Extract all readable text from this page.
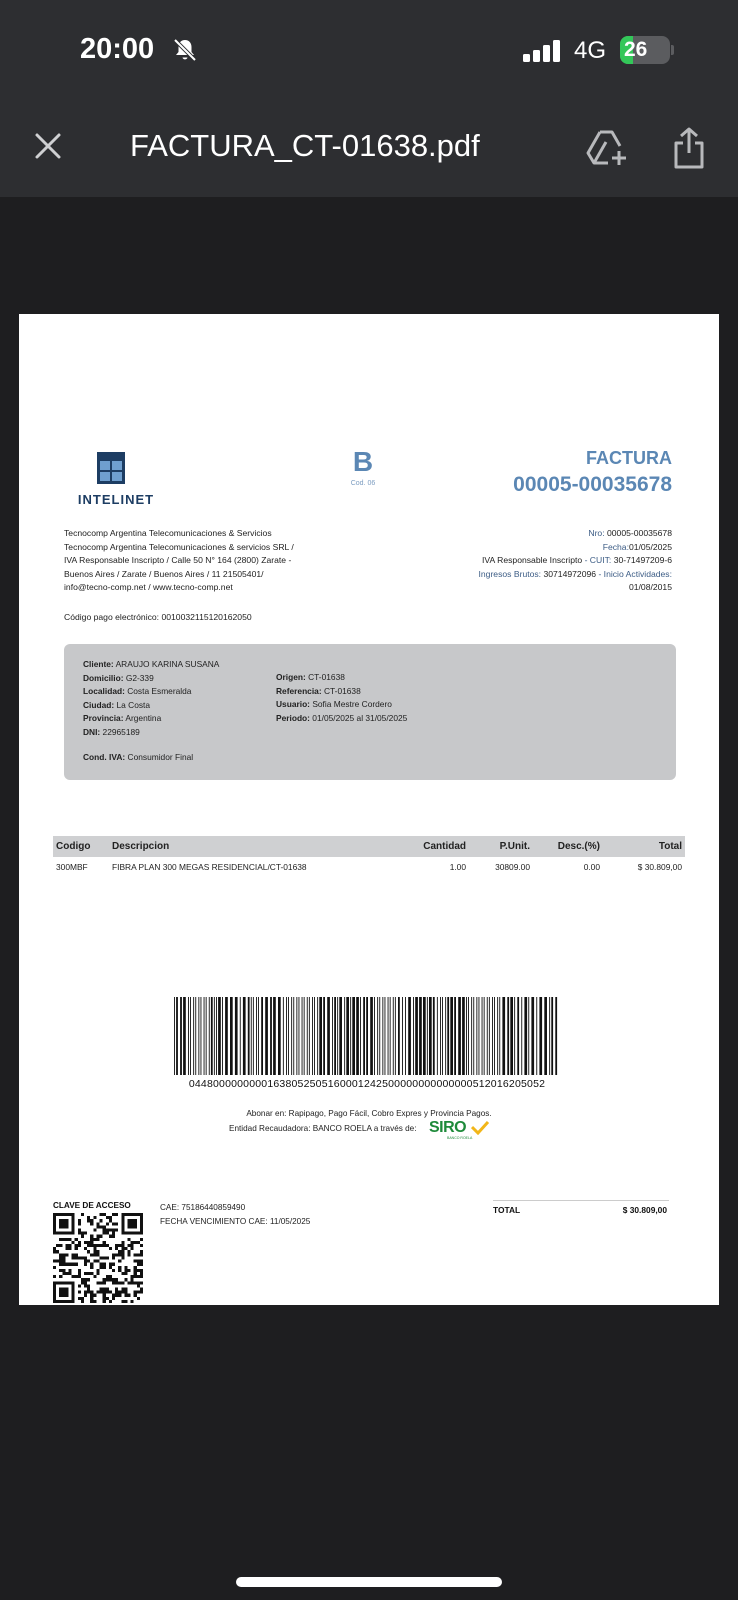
20:00	4G 26
FACTURA_CT-01638.pdf
INTELINET
B
Cod. 06
FACTURA
00005-00035678
Tecnocomp Argentina Telecomunicaciones & Servicios
Tecnocomp Argentina Telecomunicaciones & servicios SRL /
IVA Responsable Inscripto / Calle 50 N° 164 (2800) Zarate -
Buenos Aires / Zarate / Buenos Aires / 11 21505401/
info@tecno-comp.net / www.tecno-comp.net
Nro: 00005-00035678
Fecha:01/05/2025
IVA Responsable Inscripto - CUIT: 30-71497209-6
Ingresos Brutos: 30714972096 - Inicio Actividades:
01/08/2015
Código pago electrónico: 0010032115120162050
Cliente: ARAUJO KARINA SUSANA
Domicilio: G2-339
Localidad: Costa Esmeralda
Ciudad: La Costa
Provincia: Argentina
DNI: 22965189
Origen: CT-01638
Referencia: CT-01638
Usuario: Sofia Mestre Cordero
Periodo: 01/05/2025 al 31/05/2025
Cond. IVA: Consumidor Final
Codigo	Descripcion	Cantidad	P.Unit.	Desc.(%)	Total
300MBF	FIBRA PLAN 300 MEGAS RESIDENCIAL/CT-01638	1.00	30809.00	0.00	$ 30.809,00
04480000000001638052505160001242500000000000000512016205052
Abonar en: Rapipago, Pago Fácil, Cobro Expres y Provincia Pagos.
Entidad Recaudadora: BANCO ROELA a través de: SIRO
BANCO ROELA
CLAVE DE ACCESO	CAE: 75186440859490
FECHA VENCIMIENTO CAE: 11/05/2025
TOTAL	$ 30.809,00
